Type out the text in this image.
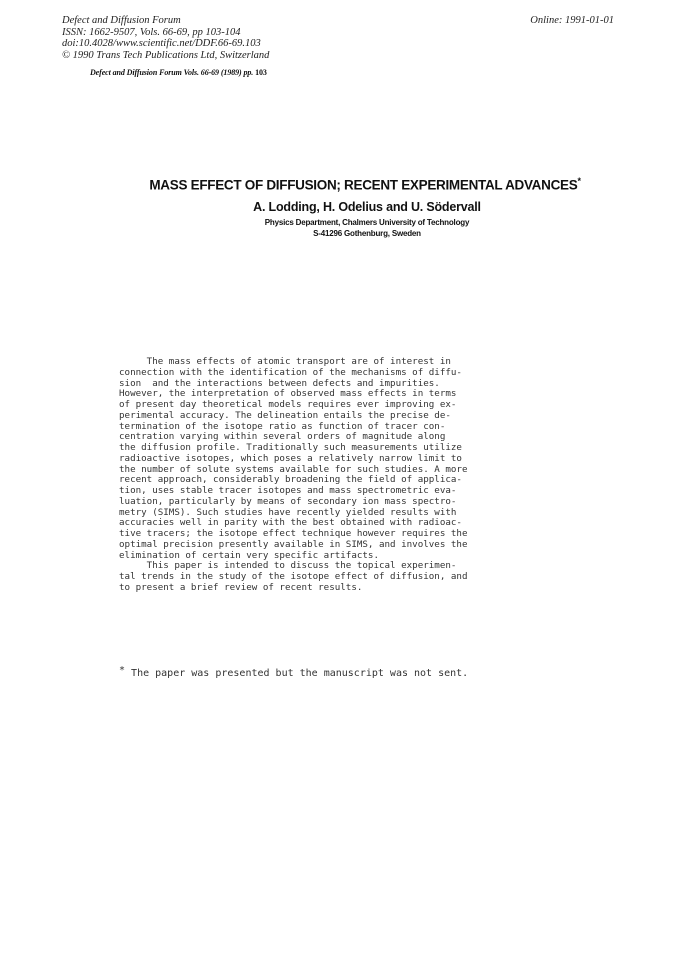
Defect and Diffusion Forum
ISSN: 1662-9507, Vols. 66-69, pp 103-104
doi:10.4028/www.scientific.net/DDF.66-69.103
© 1990 Trans Tech Publications Ltd, Switzerland
Online: 1991-01-01
Defect and Diffusion Forum Vols. 66-69 (1989) pp. 103
MASS EFFECT OF DIFFUSION; RECENT EXPERIMENTAL ADVANCES*
A. Lodding, H. Odelius and U. Södervall
Physics Department, Chalmers University of Technology
S-41296 Gothenburg, Sweden
The mass effects of atomic transport are of interest in
connection with the identification of the mechanisms of diffu-
sion  and the interactions between defects and impurities.
However, the interpretation of observed mass effects in terms
of present day theoretical models requires ever improving ex-
perimental accuracy. The delineation entails the precise de-
termination of the isotope ratio as function of tracer con-
centration varying within several orders of magnitude along
the diffusion profile. Traditionally such measurements utilize
radioactive isotopes, which poses a relatively narrow limit to
the number of solute systems available for such studies. A more
recent approach, considerably broadening the field of applica-
tion, uses stable tracer isotopes and mass spectrometric eva-
luation, particularly by means of secondary ion mass spectro-
metry (SIMS). Such studies have recently yielded results with
accuracies well in parity with the best obtained with radioac-
tive tracers; the isotope effect technique however requires the
optimal precision presently available in SIMS, and involves the
elimination of certain very specific artifacts.
This paper is intended to discuss the topical experimen-
tal trends in the study of the isotope effect of diffusion, and
to present a brief review of recent results.
* The paper was presented but the manuscript was not sent.
